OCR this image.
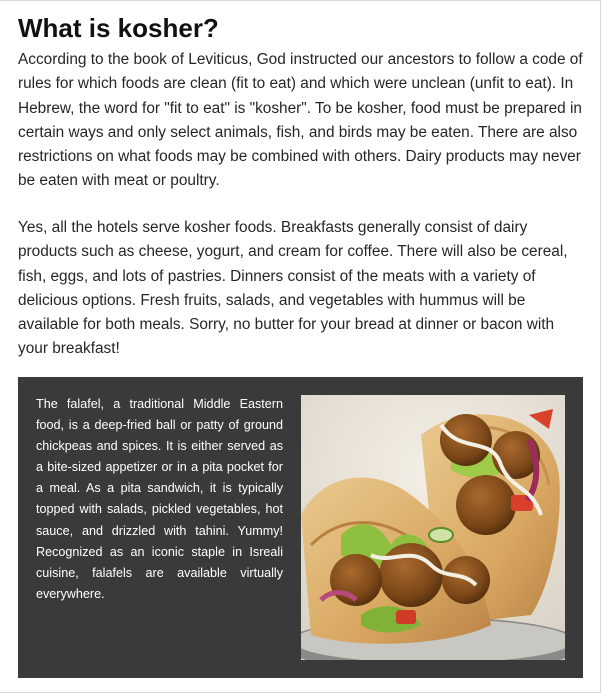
What is kosher?

According to the book of Leviticus, God instructed our ancestors to follow a code of rules for which foods are clean (fit to eat) and which were unclean (unfit to eat). In Hebrew, the word for "fit to eat" is "kosher". To be kosher, food must be prepared in certain ways and only select animals, fish, and birds may be eaten. There are also restrictions on what foods may be combined with others. Dairy products may never be eaten with meat or poultry.

Yes, all the hotels serve kosher foods. Breakfasts generally consist of dairy products such as cheese, yogurt, and cream for coffee. There will also be cereal, fish, eggs, and lots of pastries. Dinners consist of the meats with a variety of delicious options. Fresh fruits, salads, and vegetables with hummus will be available for both meals. Sorry, no butter for your bread at dinner or bacon with your breakfast!

The falafel, a traditional Middle Eastern food, is a deep-fried ball or patty of ground chickpeas and spices. It is either served as a bite-sized appetizer or in a pita pocket for a meal. As a pita sandwich, it is typically topped with salads, pickled vegetables, hot sauce, and drizzled with tahini. Yummy! Recognized as an iconic staple in Isreali cuisine, falafels are available virtually everywhere.
